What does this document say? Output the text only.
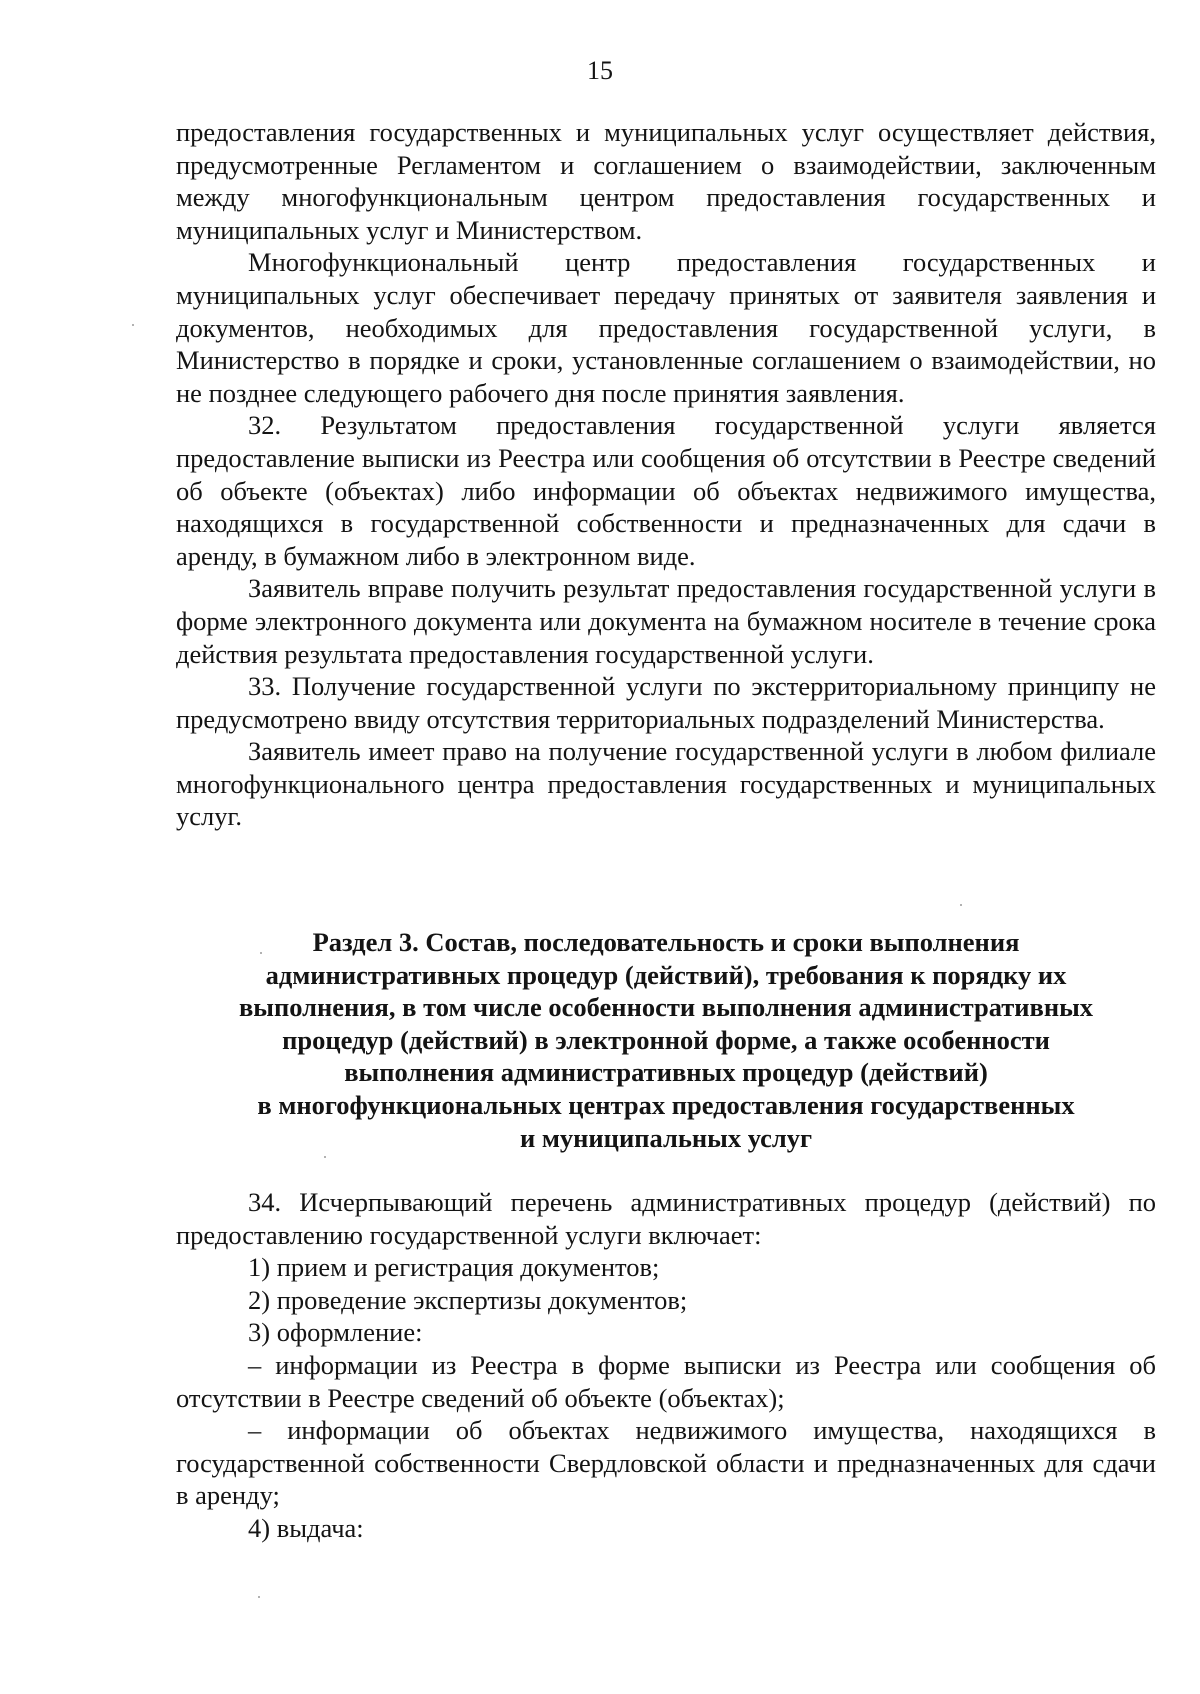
15

предоставления государственных и муниципальных услуг осуществляет действия, предусмотренные Регламентом и соглашением о взаимодействии, заключенным между многофункциональным центром предоставления государственных и муниципальных услуг и Министерством.

Многофункциональный центр предоставления государственных и муниципальных услуг обеспечивает передачу принятых от заявителя заявления и документов, необходимых для предоставления государственной услуги, в Министерство в порядке и сроки, установленные соглашением о взаимодействии, но не позднее следующего рабочего дня после принятия заявления.

32. Результатом предоставления государственной услуги является предоставление выписки из Реестра или сообщения об отсутствии в Реестре сведений об объекте (объектах) либо информации об объектах недвижимого имущества, находящихся в государственной собственности и предназначенных для сдачи в аренду, в бумажном либо в электронном виде.

Заявитель вправе получить результат предоставления государственной услуги в форме электронного документа или документа на бумажном носителе в течение срока действия результата предоставления государственной услуги.

33. Получение государственной услуги по экстерриториальному принципу не предусмотрено ввиду отсутствия территориальных подразделений Министерства.

Заявитель имеет право на получение государственной услуги в любом филиале многофункционального центра предоставления государственных и муниципальных услуг.

Раздел 3. Состав, последовательность и сроки выполнения
административных процедур (действий), требования к порядку их
выполнения, в том числе особенности выполнения административных
процедур (действий) в электронной форме, а также особенности
выполнения административных процедур (действий)
в многофункциональных центрах предоставления государственных
и муниципальных услуг

34. Исчерпывающий перечень административных процедур (действий) по предоставлению государственной услуги включает:

1) прием и регистрация документов;

2) проведение экспертизы документов;

3) оформление:

– информации из Реестра в форме выписки из Реестра или сообщения об отсутствии в Реестре сведений об объекте (объектах);

– информации об объектах недвижимого имущества, находящихся в государственной собственности Свердловской области и предназначенных для сдачи в аренду;

4) выдача:
